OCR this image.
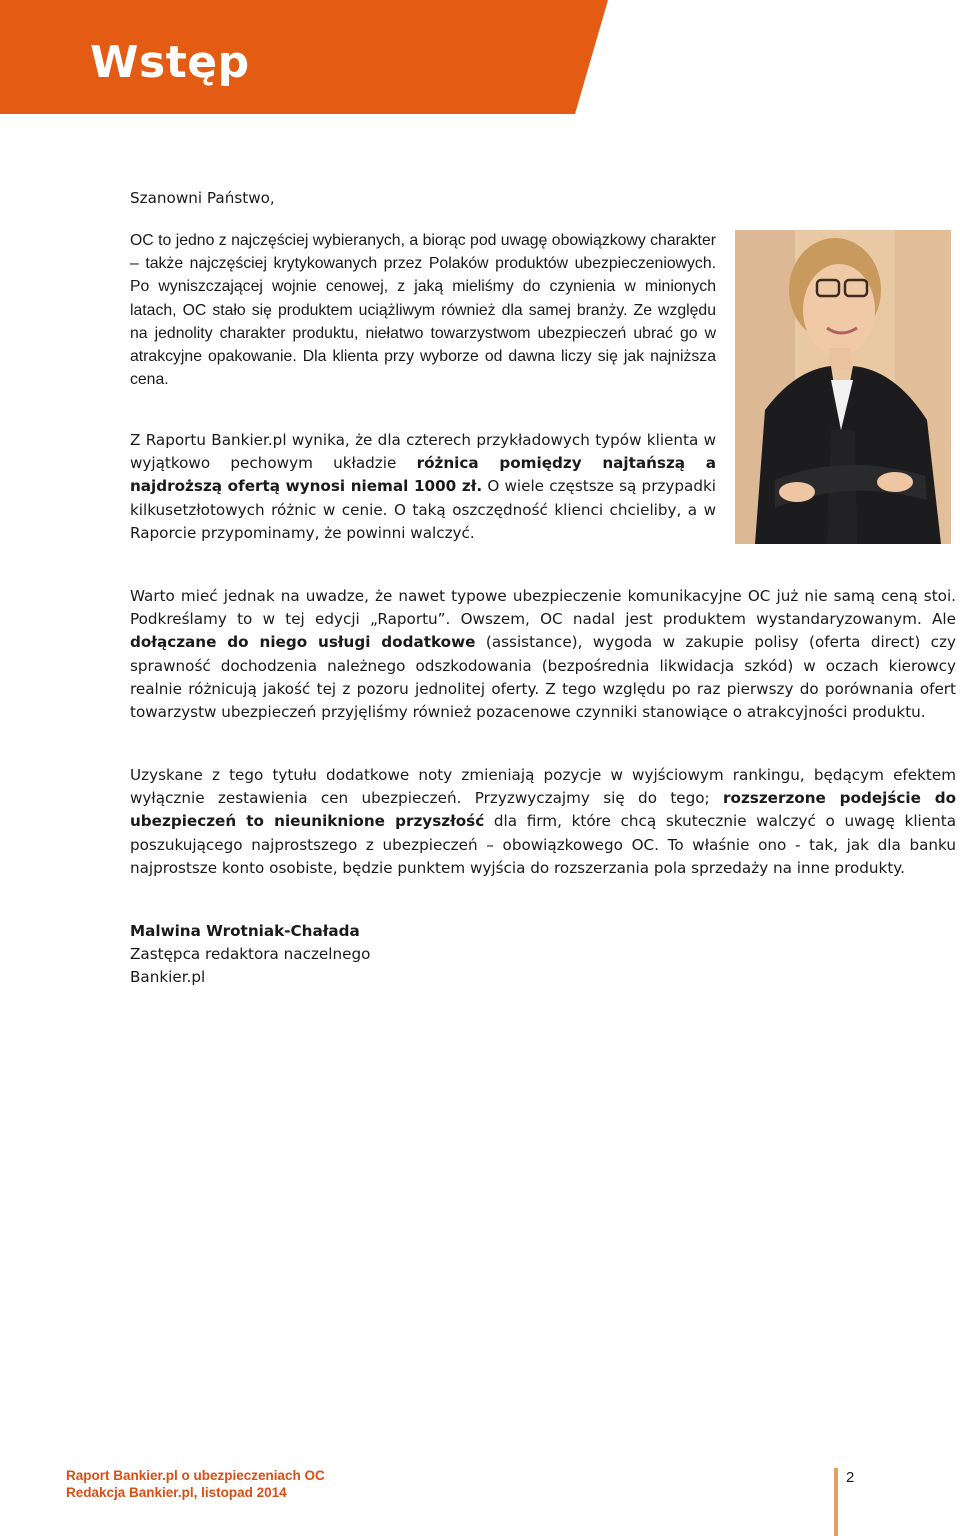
Wstęp

Szanowni Państwo,

OC to jedno z najczęściej wybieranych, a biorąc pod uwagę obowiązkowy charakter – także najczęściej krytykowanych przez Polaków produktów ubezpieczeniowych. Po wyniszczającej wojnie cenowej, z jaką mieliśmy do czynienia w minionych latach, OC stało się produktem uciążliwym również dla samej branży. Ze względu na jednolity charakter produktu, niełatwo towarzystwom ubezpieczeń ubrać go w atrakcyjne opakowanie. Dla klienta przy wyborze od dawna liczy się jak najniższa cena.

Z Raportu Bankier.pl wynika, że dla czterech przykładowych typów klienta w wyjątkowo pechowym układzie różnica pomiędzy najtańszą a najdroższą ofertą wynosi niemal 1000 zł. O wiele częstsze są przypadki kilkusetzłotowych różnic w cenie. O taką oszczędność klienci chcieliby, a w Raporcie przypominamy, że powinni walczyć.

Warto mieć jednak na uwadze, że nawet typowe ubezpieczenie komunikacyjne OC już nie samą ceną stoi. Podkreślamy to w tej edycji „Raportu”. Owszem, OC nadal jest produktem wystandaryzowanym. Ale dołączane do niego usługi dodatkowe (assistance), wygoda w zakupie polisy (oferta direct) czy sprawność dochodzenia należnego odszkodowania (bezpośrednia likwidacja szkód) w oczach kierowcy realnie różnicują jakość tej z pozoru jednolitej oferty. Z tego względu po raz pierwszy do porównania ofert towarzystw ubezpieczeń przyjęliśmy również pozacenowe czynniki stanowiące o atrakcyjności produktu.

Uzyskane z tego tytułu dodatkowe noty zmieniają pozycje w wyjściowym rankingu, będącym efektem wyłącznie zestawienia cen ubezpieczeń. Przyzwyczajmy się do tego; rozszerzone podejście do ubezpieczeń to nieuniknione przyszłość dla firm, które chcą skutecznie walczyć o uwagę klienta poszukującego najprostszego z ubezpieczeń – obowiązkowego OC. To właśnie ono - tak, jak dla banku najprostsze konto osobiste, będzie punktem wyjścia do rozszerzania pola sprzedaży na inne produkty.

Malwina Wrotniak-Chałada
Zastępca redaktora naczelnego
Bankier.pl
Raport Bankier.pl o ubezpieczeniach OC
Redakcja Bankier.pl, listopad 2014
2
